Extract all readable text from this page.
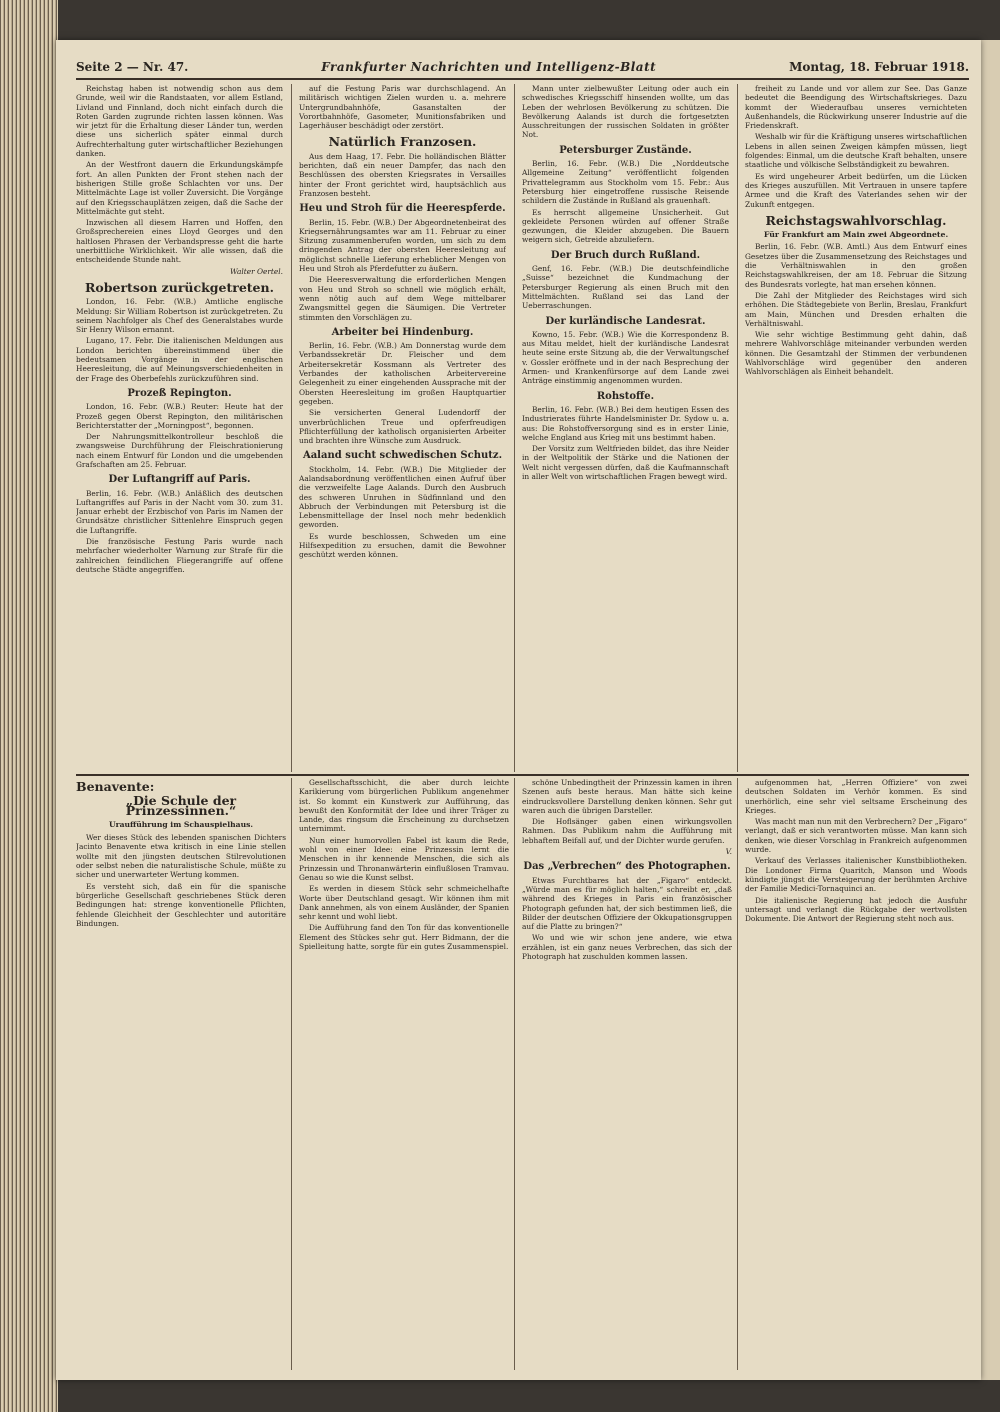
Seite 2 — Nr. 47.	Frankfurter Nachrichten und Intelligenz-Blatt	Montag, 18. Februar 1918.

Reichstag haben ist notwendig schon aus dem Grunde, weil wir die Randstaaten, vor allem Estland, Livland und Finnland, doch nicht einfach durch die Roten Garden zugrunde richten lassen können. Was wir jetzt für die Erhaltung dieser Länder tun, werden diese uns sicherlich später einmal durch Aufrechterhaltung guter wirtschaftlicher Beziehungen danken.

An der Westfront dauern die Erkundungskämpfe fort. An allen Punkten der Front stehen nach der bisherigen Stille große Schlachten vor uns. Der Mittelmächte Lage ist voller Zuversicht. Die Vorgänge auf den Kriegsschauplätzen zeigen, daß die Sache der Mittelmächte gut steht.

Inzwischen all diesem Harren und Hoffen, den Großsprechereien eines Lloyd Georges und den haltlosen Phrasen der Verbandspresse geht die harte unerbittliche Wirklichkeit. Wir alle wissen, daß die entscheidende Stunde naht.

Walter Oertel.
Robertson zurückgetreten.

London, 16. Febr. (W.B.) Amtliche englische Meldung: Sir William Robertson ist zurückgetreten. Zu seinem Nachfolger als Chef des Generalstabes wurde Sir Henry Wilson ernannt.

Lugano, 17. Febr. Die italienischen Meldungen aus London berichten übereinstimmend über die bedeutsamen Vorgänge in der englischen Heeresleitung, die auf Meinungsverschiedenheiten in der Frage des Oberbefehls zurückzuführen sind.

Prozeß Repington.

London, 16. Febr. (W.B.) Reuter: Heute hat der Prozeß gegen Oberst Repington, den militärischen Berichterstatter der „Morningpost“, begonnen.

Der Nahrungsmittelkontrolleur beschloß die zwangsweise Durchführung der Fleischrationierung nach einem Entwurf für London und die umgebenden Grafschaften am 25. Februar.

Der Luftangriff auf Paris.

Berlin, 16. Febr. (W.B.) Anläßlich des deutschen Luftangriffes auf Paris in der Nacht vom 30. zum 31. Januar erhebt der Erzbischof von Paris im Namen der Grundsätze christlicher Sittenlehre Einspruch gegen die Luftangriffe.

Die französische Festung Paris wurde nach mehrfacher wiederholter Warnung zur Strafe für die zahlreichen feindlichen Fliegerangriffe auf offene deutsche Städte angegriffen.

auf die Festung Paris war durchschlagend. An militärisch wichtigen Zielen wurden u. a. mehrere Untergrundbahnhöfe, Gasanstalten der Vorortbahnhöfe, Gasometer, Munitionsfabriken und Lagerhäuser beschädigt oder zerstört.

Natürlich Franzosen.

Aus dem Haag, 17. Febr. Die holländischen Blätter berichten, daß ein neuer Dampfer, das nach den Beschlüssen des obersten Kriegsrates in Versailles hinter der Front gerichtet wird, hauptsächlich aus Franzosen besteht.

Heu und Stroh für die Heerespferde.

Berlin, 15. Febr. (W.B.) Der Abgeordnetenbeirat des Kriegsernährungsamtes war am 11. Februar zu einer Sitzung zusammenberufen worden, um sich zu dem dringenden Antrag der obersten Heeresleitung auf möglichst schnelle Lieferung erheblicher Mengen von Heu und Stroh als Pferdefutter zu äußern.

Die Heeresverwaltung die erforderlichen Mengen von Heu und Stroh so schnell wie möglich erhält, wenn nötig auch auf dem Wege mittelbarer Zwangsmittel gegen die Säumigen. Die Vertreter stimmten den Vorschlägen zu.

Arbeiter bei Hindenburg.

Berlin, 16. Febr. (W.B.) Am Donnerstag wurde dem Verbandssekretär Dr. Fleischer und dem Arbeitersekretär Kossmann als Vertreter des Verbandes der katholischen Arbeitervereine Gelegenheit zu einer eingehenden Aussprache mit der Obersten Heeresleitung im großen Hauptquartier gegeben.

Sie versicherten General Ludendorff der unverbrüchlichen Treue und opferfreudigen Pflichterfüllung der katholisch organisierten Arbeiter und brachten ihre Wünsche zum Ausdruck.

Aaland sucht schwedischen Schutz.

Stockholm, 14. Febr. (W.B.) Die Mitglieder der Aalandsabordnung veröffentlichen einen Aufruf über die verzweifelte Lage Aalands. Durch den Ausbruch des schweren Unruhen in Südfinnland und den Abbruch der Verbindungen mit Petersburg ist die Lebensmittellage der Insel noch mehr bedenklich geworden.

Es wurde beschlossen, Schweden um eine Hilfsexpedition zu ersuchen, damit die Bewohner geschützt werden können.

Mann unter zielbewußter Leitung oder auch ein schwedisches Kriegsschiff hinsenden wollte, um das Leben der wehrlosen Bevölkerung zu schützen. Die Bevölkerung Aalands ist durch die fortgesetzten Ausschreitungen der russischen Soldaten in größter Not.

Petersburger Zustände.

Berlin, 16. Febr. (W.B.) Die „Norddeutsche Allgemeine Zeitung“ veröffentlicht folgenden Privattelegramm aus Stockholm vom 15. Febr.: Aus Petersburg hier eingetroffene russische Reisende schildern die Zustände in Rußland als grauenhaft.

Es herrscht allgemeine Unsicherheit. Gut gekleidete Personen würden auf offener Straße gezwungen, die Kleider abzugeben. Die Bauern weigern sich, Getreide abzuliefern.

Der Bruch durch Rußland.

Genf, 16. Febr. (W.B.) Die deutschfeindliche „Suisse“ bezeichnet die Kundmachung der Petersburger Regierung als einen Bruch mit den Mittelmächten. Rußland sei das Land der Ueberraschungen.

Der kurländische Landesrat.

Kowno, 15. Febr. (W.B.) Wie die Korrespondenz B. aus Mitau meldet, hielt der kurländische Landesrat heute seine erste Sitzung ab, die der Verwaltungschef v. Gossler eröffnete und in der nach Besprechung der Armen- und Krankenfürsorge auf dem Lande zwei Anträge einstimmig angenommen wurden.

Rohstoffe.

Berlin, 16. Febr. (W.B.) Bei dem heutigen Essen des Industrierates führte Handelsminister Dr. Sydow u. a. aus: Die Rohstoffversorgung sind es in erster Linie, welche England aus Krieg mit uns bestimmt haben.

Der Vorsitz zum Weltfrieden bildet, das ihre Neider in der Weltpolitik der Stärke und die Nationen der Welt nicht vergessen dürfen, daß die Kaufmannschaft in aller Welt von wirtschaftlichen Fragen bewegt wird.

freiheit zu Lande und vor allem zur See. Das Ganze bedeutet die Beendigung des Wirtschaftskrieges. Dazu kommt der Wiederaufbau unseres vernichteten Außenhandels, die Rückwirkung unserer Industrie auf die Friedenskraft.

Weshalb wir für die Kräftigung unseres wirtschaftlichen Lebens in allen seinen Zweigen kämpfen müssen, liegt folgendes: Einmal, um die deutsche Kraft behalten, unsere staatliche und völkische Selbständigkeit zu bewahren.

Es wird ungeheurer Arbeit bedürfen, um die Lücken des Krieges auszufüllen. Mit Vertrauen in unsere tapfere Armee und die Kraft des Vaterlandes sehen wir der Zukunft entgegen.

Reichstagswahlvorschlag.
Für Frankfurt am Main zwei Abgeordnete.

Berlin, 16. Febr. (W.B. Amtl.) Aus dem Entwurf eines Gesetzes über die Zusammensetzung des Reichstages und die Verhältniswahlen in den großen Reichstagswahlkreisen, der am 18. Februar die Sitzung des Bundesrats vorlegte, hat man ersehen können.

Die Zahl der Mitglieder des Reichstages wird sich erhöhen. Die Städtegebiete von Berlin, Breslau, Frankfurt am Main, München und Dresden erhalten die Verhältniswahl.

Wie sehr wichtige Bestimmung geht dahin, daß mehrere Wahlvorschläge miteinander verbunden werden können. Die Gesamtzahl der Stimmen der verbundenen Wahlvorschläge wird gegenüber den anderen Wahlvorschlägen als Einheit behandelt.

Benavente:
„Die Schule der Prinzessinnen.“
Uraufführung im Schauspielhaus.

Wer dieses Stück des lebenden spanischen Dichters Jacinto Benavente etwa kritisch in eine Linie stellen wollte mit den jüngsten deutschen Stilrevolutionen oder selbst neben die naturalistische Schule, müßte zu sicher und unerwarteter Wertung kommen.

Es versteht sich, daß ein für die spanische bürgerliche Gesellschaft geschriebenes Stück deren Bedingungen hat: strenge konventionelle Pflichten, fehlende Gleichheit der Geschlechter und autoritäre Bindungen.

Gesellschaftsschicht, die aber durch leichte Karikierung vom bürgerlichen Publikum angenehmer ist. So kommt ein Kunstwerk zur Aufführung, das bewußt den Konformität der Idee und ihrer Träger zu Lande, das ringsum die Erscheinung zu durchsetzen unternimmt.

Nun einer humorvollen Fabel ist kaum die Rede, wohl von einer Idee: eine Prinzessin lernt die Menschen in ihr kennende Menschen, die sich als Prinzessin und Thronanwärterin einflußlosen Tramvau. Genau so wie die Kunst selbst.

Es werden in diesem Stück sehr schmeichelhafte Worte über Deutschland gesagt. Wir können ihm mit Dank annehmen, als von einem Ausländer, der Spanien sehr kennt und wohl liebt.

Die Aufführung fand den Ton für das konventionelle Element des Stückes sehr gut. Herr Bidmann, der die Spielleitung hatte, sorgte für ein gutes Zusammenspiel.

schöne Unbedingtheit der Prinzessin kamen in ihren Szenen aufs beste heraus. Man hätte sich keine eindrucksvollere Darstellung denken können. Sehr gut waren auch die übrigen Darsteller.

Die Hoflsänger gaben einen wirkungsvollen Rahmen. Das Publikum nahm die Aufführung mit lebhaftem Beifall auf, und der Dichter wurde gerufen.

V.
Das „Verbrechen“ des Photographen.

Etwas Furchtbares hat der „Figaro“ entdeckt. „Würde man es für möglich halten,“ schreibt er, „daß während des Krieges in Paris ein französischer Photograph gefunden hat, der sich bestimmen ließ, die Bilder der deutschen Offiziere der Okkupationsgruppen auf die Platte zu bringen?“

Wo und wie wir schon jene andere, wie etwa erzählen, ist ein ganz neues Verbrechen, das sich der Photograph hat zuschulden kommen lassen.

aufgenommen hat, „Herren Offiziere“ von zwei deutschen Soldaten im Verhör kommen. Es sind unerhörlich, eine sehr viel seltsame Erscheinung des Krieges.

Was macht man nun mit den Verbrechern? Der „Figaro“ verlangt, daß er sich verantworten müsse. Man kann sich denken, wie dieser Vorschlag in Frankreich aufgenommen wurde.

Verkauf des Verlasses italienischer Kunstbibliotheken. Die Londoner Firma Quaritch, Manson und Woods kündigte jüngst die Versteigerung der berühmten Archive der Familie Medici-Tornaquinci an.

Die italienische Regierung hat jedoch die Ausfuhr untersagt und verlangt die Rückgabe der wertvollsten Dokumente. Die Antwort der Regierung steht noch aus.
